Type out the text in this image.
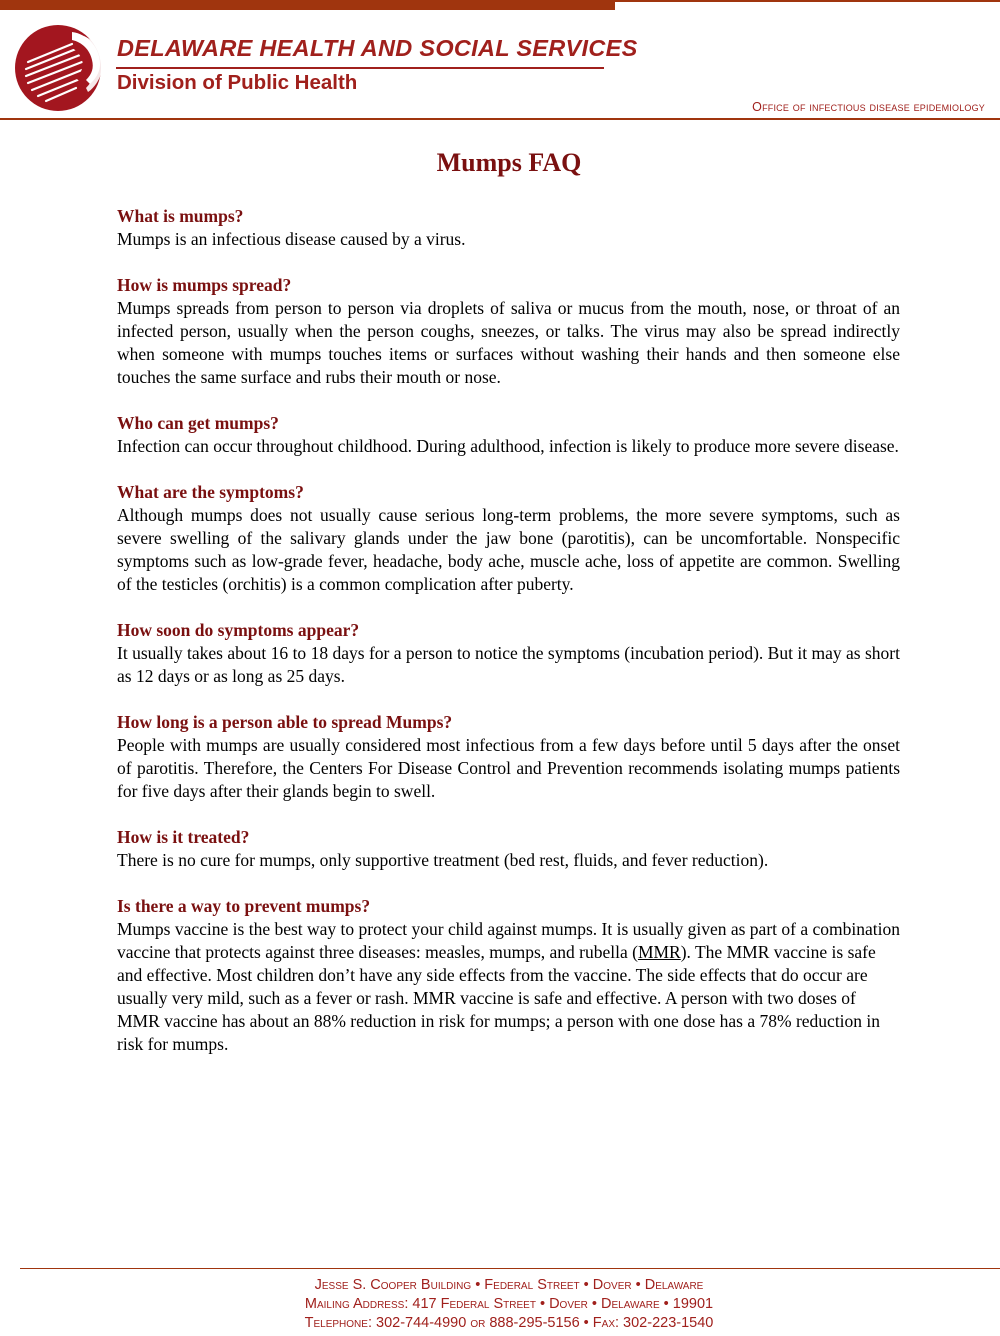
DELAWARE HEALTH AND SOCIAL SERVICES
Division of Public Health

Office of infectious disease epidemiology

Mumps FAQ

What is mumps?

Mumps is an infectious disease caused by a virus.

How is mumps spread?

Mumps spreads from person to person via droplets of saliva or mucus from the mouth, nose, or throat of an infected person, usually when the person coughs, sneezes, or talks. The virus may also be spread indirectly when someone with mumps touches items or surfaces without washing their hands and then someone else touches the same surface and rubs their mouth or nose.

Who can get mumps?

Infection can occur throughout childhood. During adulthood, infection is likely to produce more severe disease.

What are the symptoms?

Although mumps does not usually cause serious long-term problems, the more severe symptoms, such as severe swelling of the salivary glands under the jaw bone (parotitis), can be uncomfortable. Nonspecific symptoms such as low-grade fever, headache, body ache, muscle ache, loss of appetite are common. Swelling of the testicles (orchitis) is a common complication after puberty.

How soon do symptoms appear?

It usually takes about 16 to 18 days for a person to notice the symptoms (incubation period). But it may as short as 12 days or as long as 25 days.

How long is a person able to spread Mumps?

People with mumps are usually considered most infectious from a few days before until 5 days after the onset of parotitis. Therefore, the Centers For Disease Control and Prevention recommends isolating mumps patients for five days after their glands begin to swell.

How is it treated?

There is no cure for mumps, only supportive treatment (bed rest, fluids, and fever reduction).

Is there a way to prevent mumps?

Mumps vaccine is the best way to protect your child against mumps. It is usually given as part of a combination vaccine that protects against three diseases: measles, mumps, and rubella (MMR). The MMR vaccine is safe and effective. Most children don’t have any side effects from the vaccine. The side effects that do occur are usually very mild, such as a fever or rash. MMR vaccine is safe and effective. A person with two doses of MMR vaccine has about an 88% reduction in risk for mumps; a person with one dose has a 78% reduction in risk for mumps.

Jesse S. Cooper Building • Federal Street • Dover • Delaware

Mailing Address: 417 Federal Street • Dover • Delaware • 19901

Telephone: 302-744-4990 or 888-295-5156 • Fax: 302-223-1540
